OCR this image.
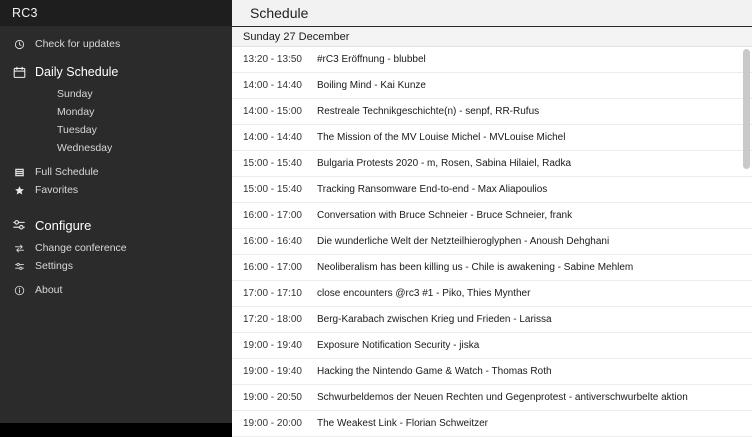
RC3	Schedule
Check for updates
Daily Schedule
Sunday
Monday
Tuesday
Wednesday
Full Schedule
Favorites
Configure
Change conference
Settings
About
Sunday 27 December
13:20 - 13:50	#rC3 Eröffnung - blubbel
14:00 - 14:40	Boiling Mind - Kai Kunze
14:00 - 15:00	Restreale Technikgeschichte(n) - senpf, RR-Rufus
14:00 - 14:40	The Mission of the MV Louise Michel - MVLouise Michel
15:00 - 15:40	Bulgaria Protests 2020 - m, Rosen, Sabina Hilaiel, Radka
15:00 - 15:40	Tracking Ransomware End-to-end - Max Aliapoulios
16:00 - 17:00	Conversation with Bruce Schneier - Bruce Schneier, frank
16:00 - 16:40	Die wunderliche Welt der Netzteilhieroglyphen - Anoush Dehghani
16:00 - 17:00	Neoliberalism has been killing us - Chile is awakening - Sabine Mehlem
17:00 - 17:10	close encounters @rc3 #1 - Piko, Thies Mynther
17:20 - 18:00	Berg-Karabach zwischen Krieg und Frieden - Larissa
19:00 - 19:40	Exposure Notification Security - jiska
19:00 - 19:40	Hacking the Nintendo Game & Watch - Thomas Roth
19:00 - 20:50	Schwurbeldemos der Neuen Rechten und Gegenprotest - antiverschwurbelte aktion
19:00 - 20:00	The Weakest Link - Florian Schweitzer
